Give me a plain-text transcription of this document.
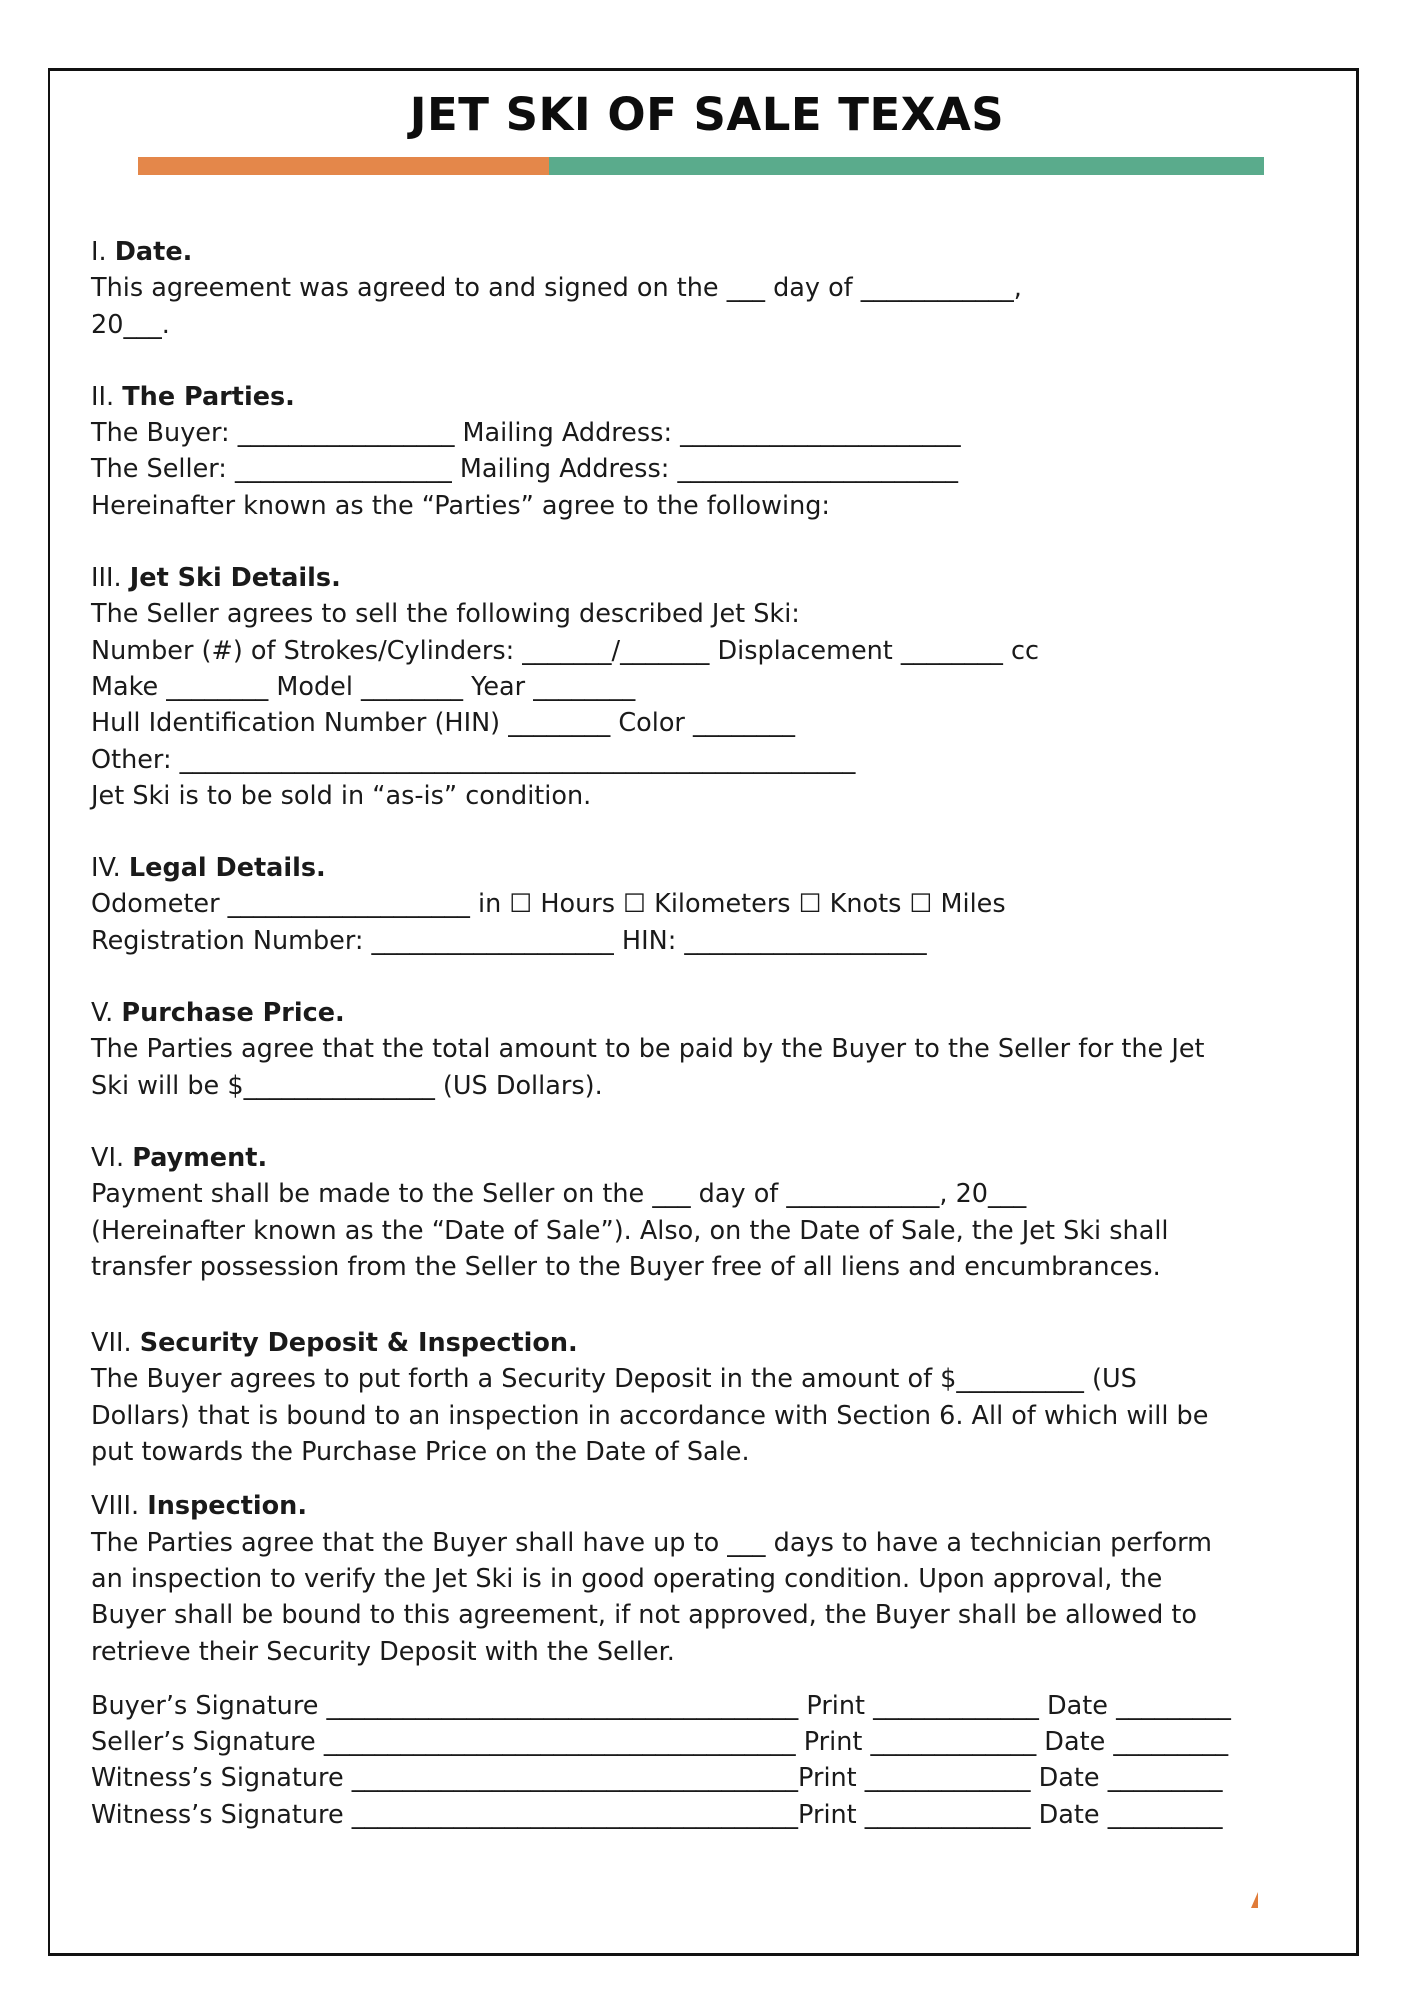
JET SKI OF SALE TEXAS
I. Date.
This agreement was agreed to and signed on the ___ day of ____________,
20___.
II. The Parties.
The Buyer: _________________ Mailing Address: ______________________
The Seller: _________________ Mailing Address: ______________________
Hereinafter known as the “Parties” agree to the following:
III. Jet Ski Details.
The Seller agrees to sell the following described Jet Ski:
Number (#) of Strokes/Cylinders: _______/_______ Displacement ________ cc
Make ________ Model ________ Year ________
Hull Identification Number (HIN) ________ Color ________
Other: _____________________________________________________
Jet Ski is to be sold in “as-is” condition.
IV. Legal Details.
Odometer ___________________ in ☐ Hours ☐ Kilometers ☐ Knots ☐ Miles
Registration Number: ___________________ HIN: ___________________
V. Purchase Price.
The Parties agree that the total amount to be paid by the Buyer to the Seller for the Jet
Ski will be $_______________ (US Dollars).
VI. Payment.
Payment shall be made to the Seller on the ___ day of ____________, 20___
(Hereinafter known as the “Date of Sale”). Also, on the Date of Sale, the Jet Ski shall
transfer possession from the Seller to the Buyer free of all liens and encumbrances.
VII. Security Deposit & Inspection.
The Buyer agrees to put forth a Security Deposit in the amount of $__________ (US
Dollars) that is bound to an inspection in accordance with Section 6. All of which will be
put towards the Purchase Price on the Date of Sale.
VIII. Inspection.
The Parties agree that the Buyer shall have up to ___ days to have a technician perform
an inspection to verify the Jet Ski is in good operating condition. Upon approval, the
Buyer shall be bound to this agreement, if not approved, the Buyer shall be allowed to
retrieve their Security Deposit with the Seller.
Buyer’s Signature _____________________________________ Print _____________ Date _________
Seller’s Signature _____________________________________ Print _____________ Date _________
Witness’s Signature ___________________________________Print _____________ Date _________
Witness’s Signature ___________________________________Print _____________ Date _________
